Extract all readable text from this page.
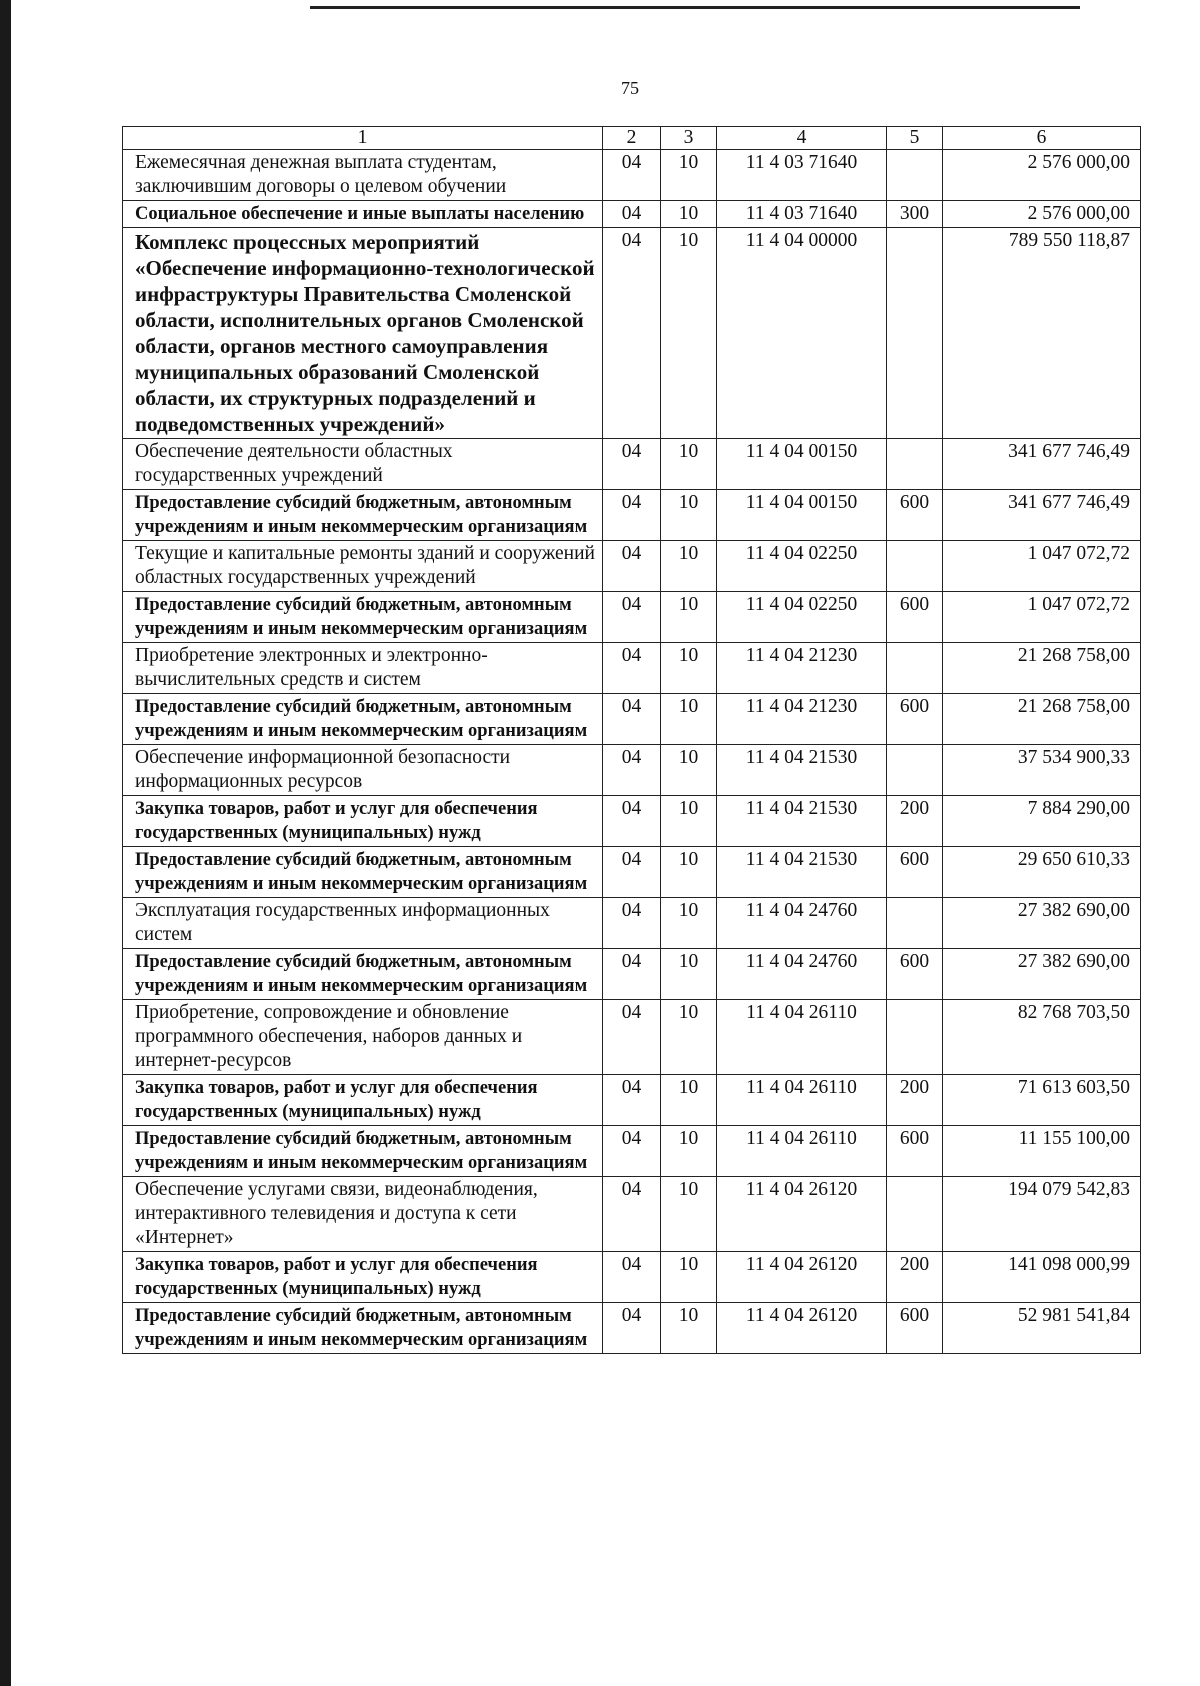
75
1	2	3	4	5	6
Ежемесячная денежная выплата студентам, заключившим договоры о целевом обучении	04	10	11 4 03 71640		2 576 000,00
Социальное обеспечение и иные выплаты населению	04	10	11 4 03 71640	300	2 576 000,00
Комплекс процессных мероприятий «Обеспечение информационно-технологической инфраструктуры Правительства Смоленской области, исполнительных органов Смоленской области, органов местного самоуправления муниципальных образований Смоленской области, их структурных подразделений и подведомственных учреждений»	04	10	11 4 04 00000		789 550 118,87
Обеспечение деятельности областных государственных учреждений	04	10	11 4 04 00150		341 677 746,49
Предоставление субсидий бюджетным, автономным учреждениям и иным некоммерческим организациям	04	10	11 4 04 00150	600	341 677 746,49
Текущие и капитальные ремонты зданий и сооружений областных государственных учреждений	04	10	11 4 04 02250		1 047 072,72
Предоставление субсидий бюджетным, автономным учреждениям и иным некоммерческим организациям	04	10	11 4 04 02250	600	1 047 072,72
Приобретение электронных и электронно-вычислительных средств и систем	04	10	11 4 04 21230		21 268 758,00
Предоставление субсидий бюджетным, автономным учреждениям и иным некоммерческим организациям	04	10	11 4 04 21230	600	21 268 758,00
Обеспечение информационной безопасности информационных ресурсов	04	10	11 4 04 21530		37 534 900,33
Закупка товаров, работ и услуг для обеспечения государственных (муниципальных) нужд	04	10	11 4 04 21530	200	7 884 290,00
Предоставление субсидий бюджетным, автономным учреждениям и иным некоммерческим организациям	04	10	11 4 04 21530	600	29 650 610,33
Эксплуатация государственных информационных систем	04	10	11 4 04 24760		27 382 690,00
Предоставление субсидий бюджетным, автономным учреждениям и иным некоммерческим организациям	04	10	11 4 04 24760	600	27 382 690,00
Приобретение, сопровождение и обновление программного обеспечения, наборов данных и интернет-ресурсов	04	10	11 4 04 26110		82 768 703,50
Закупка товаров, работ и услуг для обеспечения государственных (муниципальных) нужд	04	10	11 4 04 26110	200	71 613 603,50
Предоставление субсидий бюджетным, автономным учреждениям и иным некоммерческим организациям	04	10	11 4 04 26110	600	11 155 100,00
Обеспечение услугами связи, видеонаблюдения, интерактивного телевидения и доступа к сети «Интернет»	04	10	11 4 04 26120		194 079 542,83
Закупка товаров, работ и услуг для обеспечения государственных (муниципальных) нужд	04	10	11 4 04 26120	200	141 098 000,99
Предоставление субсидий бюджетным, автономным учреждениям и иным некоммерческим организациям	04	10	11 4 04 26120	600	52 981 541,84
